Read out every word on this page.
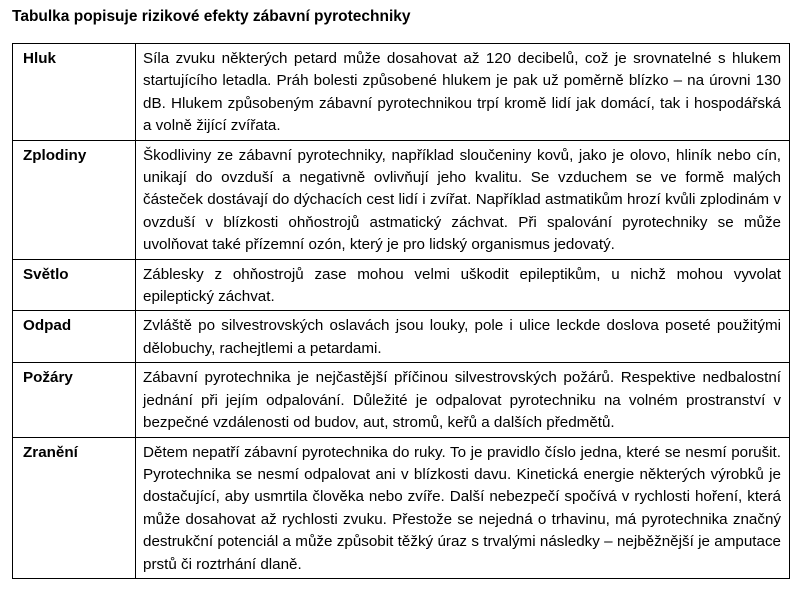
Tabulka popisuje rizikové efekty zábavní pyrotechniky
Hluk	Síla zvuku některých petard může dosahovat až 120 decibelů, což je srovnatelné s hlukem startujícího letadla. Práh bolesti způsobené hlukem je pak už poměrně blízko – na úrovni 130 dB. Hlukem způsobeným zábavní pyrotechnikou trpí kromě lidí jak domácí, tak i hospodářská a volně žijící zvířata.
Zplodiny	Škodliviny ze zábavní pyrotechniky, například sloučeniny kovů, jako je olovo, hliník nebo cín, unikají do ovzduší a negativně ovlivňují jeho kvalitu. Se vzduchem se ve formě malých částeček dostávají do dýchacích cest lidí i zvířat. Například astmatikům hrozí kvůli zplodinám v ovzduší v blízkosti ohňostrojů astmatický záchvat. Při spalování pyrotechniky se může uvolňovat také přízemní ozón, který je pro lidský organismus jedovatý.
Světlo	Záblesky z ohňostrojů zase mohou velmi uškodit epileptikům, u nichž mohou vyvolat epileptický záchvat.
Odpad	Zvláště po silvestrovských oslavách jsou louky, pole i ulice leckde doslova poseté použitými dělobuchy, rachejtlemi a petardami.
Požáry	Zábavní pyrotechnika je nejčastější příčinou silvestrovských požárů. Respektive nedbalostní jednání při jejím odpalování. Důležité je odpalovat pyrotechniku na volném prostranství v bezpečné vzdálenosti od budov, aut, stromů, keřů a dalších předmětů.
Zranění	Dětem nepatří zábavní pyrotechnika do ruky. To je pravidlo číslo jedna, které se nesmí porušit. Pyrotechnika se nesmí odpalovat ani v blízkosti davu. Kinetická energie některých výrobků je dostačující, aby usmrtila člověka nebo zvíře. Další nebezpečí spočívá v rychlosti hoření, která může dosahovat až rychlosti zvuku. Přestože se nejedná o trhavinu, má pyrotechnika značný destrukční potenciál a může způsobit těžký úraz s trvalými následky – nejběžnější je amputace prstů či roztrhání dlaně.
